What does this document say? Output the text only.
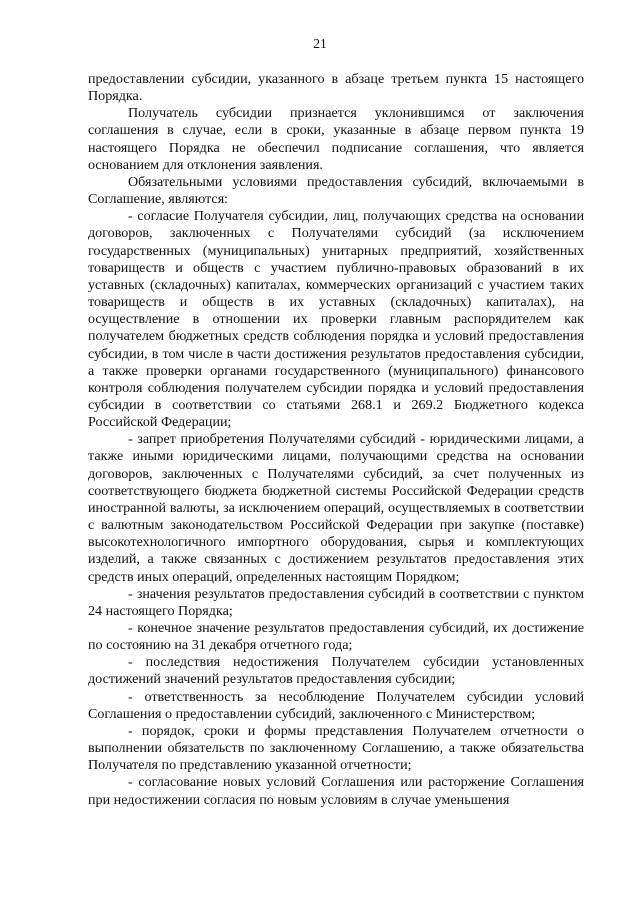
21

предоставлении субсидии, указанного в абзаце третьем пункта 15 настоящего Порядка.

Получатель субсидии признается уклонившимся от заключения соглашения в случае, если в сроки, указанные в абзаце первом пункта 19 настоящего Порядка не обеспечил подписание соглашения, что является основанием для отклонения заявления.

Обязательными условиями предоставления субсидий, включаемыми в Соглашение, являются:

- согласие Получателя субсидии, лиц, получающих средства на основании договоров, заключенных с Получателями субсидий (за исключением государственных (муниципальных) унитарных предприятий, хозяйственных товариществ и обществ с участием публично-правовых образований в их уставных (складочных) капиталах, коммерческих организаций с участием таких товариществ и обществ в их уставных (складочных) капиталах), на осуществление в отношении их проверки главным распорядителем как получателем бюджетных средств соблюдения порядка и условий предоставления субсидии, в том числе в части достижения результатов предоставления субсидии, а также проверки органами государственного (муниципального) финансового контроля соблюдения получателем субсидии порядка и условий предоставления субсидии в соответствии со статьями 268.1 и 269.2 Бюджетного кодекса Российской Федерации;

- запрет приобретения Получателями субсидий - юридическими лицами, а также иными юридическими лицами, получающими средства на основании договоров, заключенных с Получателями субсидий, за счет полученных из соответствующего бюджета бюджетной системы Российской Федерации средств иностранной валюты, за исключением операций, осуществляемых в соответствии с валютным законодательством Российской Федерации при закупке (поставке) высокотехнологичного импортного оборудования, сырья и комплектующих изделий, а также связанных с достижением результатов предоставления этих средств иных операций, определенных настоящим Порядком;

- значения результатов предоставления субсидий в соответствии с пунктом 24 настоящего Порядка;

- конечное значение результатов предоставления субсидий, их достижение по состоянию на 31 декабря отчетного года;

- последствия недостижения Получателем субсидии установленных достижений значений результатов предоставления субсидии;

- ответственность за несоблюдение Получателем субсидии условий Соглашения о предоставлении субсидий, заключенного с Министерством;

- порядок, сроки и формы представления Получателем отчетности о выполнении обязательств по заключенному Соглашению, а также обязательства Получателя по представлению указанной отчетности;

- согласование новых условий Соглашения или расторжение Соглашения при недостижении согласия по новым условиям в случае уменьшения
